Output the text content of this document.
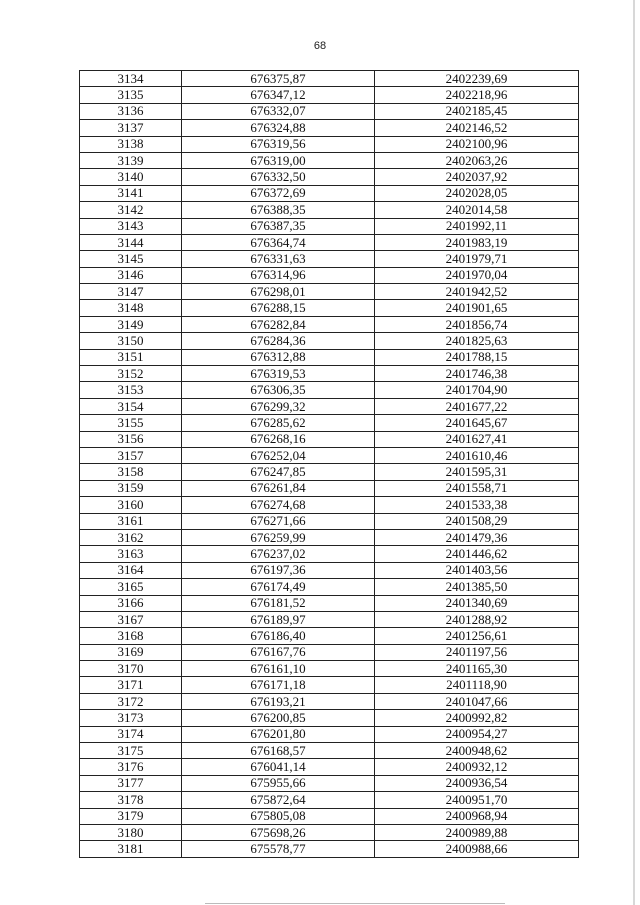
68
3134	676375,87	2402239,69
3135	676347,12	2402218,96
3136	676332,07	2402185,45
3137	676324,88	2402146,52
3138	676319,56	2402100,96
3139	676319,00	2402063,26
3140	676332,50	2402037,92
3141	676372,69	2402028,05
3142	676388,35	2402014,58
3143	676387,35	2401992,11
3144	676364,74	2401983,19
3145	676331,63	2401979,71
3146	676314,96	2401970,04
3147	676298,01	2401942,52
3148	676288,15	2401901,65
3149	676282,84	2401856,74
3150	676284,36	2401825,63
3151	676312,88	2401788,15
3152	676319,53	2401746,38
3153	676306,35	2401704,90
3154	676299,32	2401677,22
3155	676285,62	2401645,67
3156	676268,16	2401627,41
3157	676252,04	2401610,46
3158	676247,85	2401595,31
3159	676261,84	2401558,71
3160	676274,68	2401533,38
3161	676271,66	2401508,29
3162	676259,99	2401479,36
3163	676237,02	2401446,62
3164	676197,36	2401403,56
3165	676174,49	2401385,50
3166	676181,52	2401340,69
3167	676189,97	2401288,92
3168	676186,40	2401256,61
3169	676167,76	2401197,56
3170	676161,10	2401165,30
3171	676171,18	2401118,90
3172	676193,21	2401047,66
3173	676200,85	2400992,82
3174	676201,80	2400954,27
3175	676168,57	2400948,62
3176	676041,14	2400932,12
3177	675955,66	2400936,54
3178	675872,64	2400951,70
3179	675805,08	2400968,94
3180	675698,26	2400989,88
3181	675578,77	2400988,66
